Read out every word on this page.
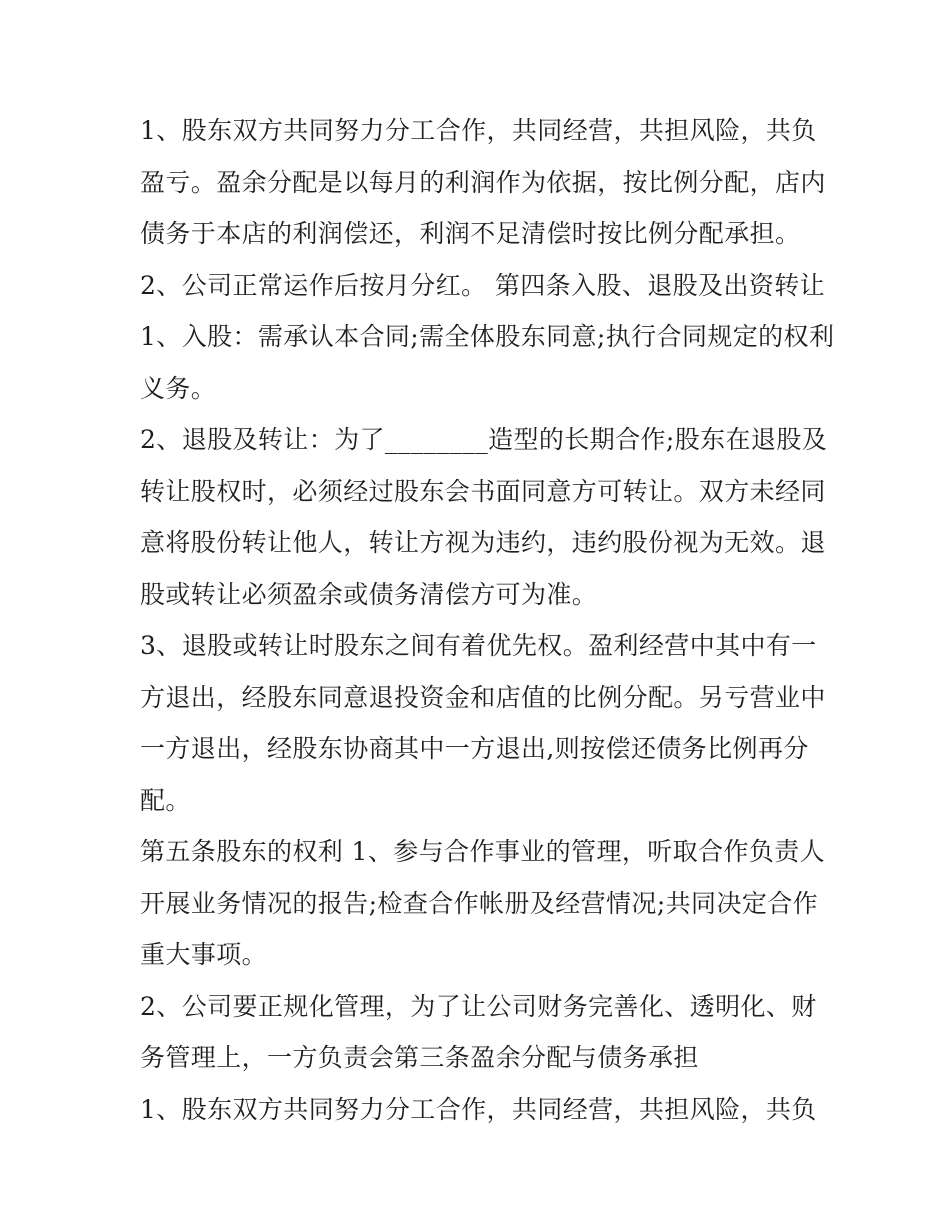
1、股东双方共同努力分工合作，共同经营，共担风险，共负
盈亏。盈余分配是以每月的利润作为依据，按比例分配，店内
债务于本店的利润偿还，利润不足清偿时按比例分配承担。
2、公司正常运作后按月分红。 第四条入股、退股及出资转让
1、入股：需承认本合同;需全体股东同意;执行合同规定的权利
义务。
2、退股及转让：为了________造型的长期合作;股东在退股及
转让股权时，必须经过股东会书面同意方可转让。双方未经同
意将股份转让他人，转让方视为违约，违约股份视为无效。退
股或转让必须盈余或债务清偿方可为准。
3、退股或转让时股东之间有着优先权。盈利经营中其中有一
方退出，经股东同意退投资金和店值的比例分配。另亏营业中
一方退出，经股东协商其中一方退出,则按偿还债务比例再分
配。
第五条股东的权利 1、参与合作事业的管理，听取合作负责人
开展业务情况的报告;检查合作帐册及经营情况;共同决定合作
重大事项。
2、公司要正规化管理，为了让公司财务完善化、透明化、财
务管理上，一方负责会第三条盈余分配与债务承担
1、股东双方共同努力分工合作，共同经营，共担风险，共负
